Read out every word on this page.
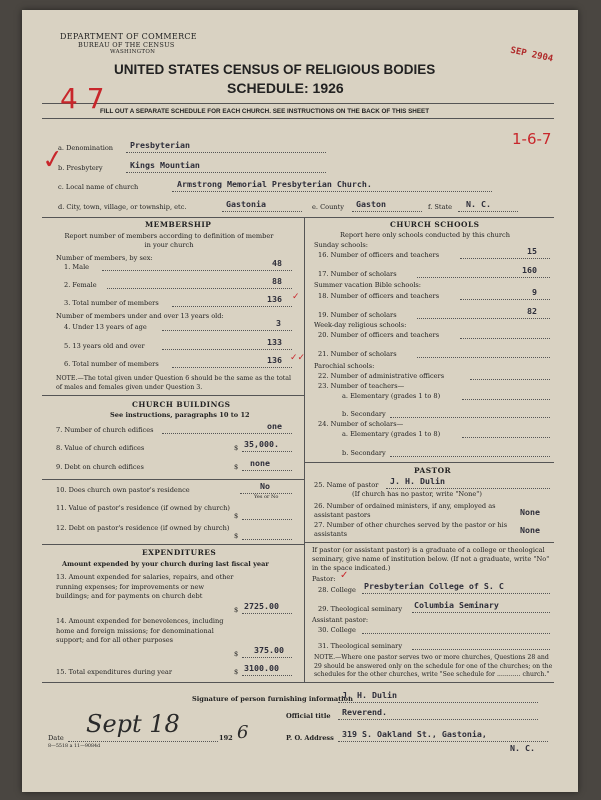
DEPARTMENT OF COMMERCE
BUREAU OF THE CENSUS
WASHINGTON
UNITED STATES CENSUS OF RELIGIOUS BODIES
SCHEDULE: 1926
FILL OUT A SEPARATE SCHEDULE FOR EACH CHURCH. SEE INSTRUCTIONS ON THE BACK OF THIS SHEET
SEP 2904
4 7
1-6-7
✓
a. Denomination Presbyterian
b. Presbytery	Kings Mountian
c. Local name of church	Armstrong Memorial Presbyterian Church.
d. City, town, village, or township, etc.	Gastonia	e. County Gaston	f. State N. C.
MEMBERSHIP
Report number of members according to definition of member in your church
Number of members, by sex:
1. Male	48
2. Female	88
3. Total number of members	136 ✓
Number of members under and over 13 years old:
4. Under 13 years of age	3
5. 13 years old and over	133
6. Total number of members	136 ✓✓
NOTE.—The total given under Question 6 should be the same as the total of males and females given under Question 3.
CHURCH BUILDINGS
See instructions, paragraphs 10 to 12
7. Number of church edifices	one
8. Value of church edifices	$ 35,000.
9. Debt on church edifices	$ none
10. Does church own pastor's residence	No
Yes or No
11. Value of pastor's residence (if owned by church)
$
12. Debt on pastor's residence (if owned by church)
$
EXPENDITURES
Amount expended by your church during last fiscal year
13. Amount expended for salaries, repairs, and other running expenses; for improvements or new buildings; and for payments on church debt
$ 2725.00
14. Amount expended for benevolences, including home and foreign missions; for denominational support; and for all other purposes
$ 375.00
15. Total expenditures during year	$ 3100.00
CHURCH SCHOOLS
Report here only schools conducted by this church
Sunday schools:
16. Number of officers and teachers	15
17. Number of scholars	160
Summer vacation Bible schools:
18. Number of officers and teachers	9
19. Number of scholars	82
Week-day religious schools:
20. Number of officers and teachers
21. Number of scholars
Parochial schools:
22. Number of administrative officers
23. Number of teachers—
a. Elementary (grades 1 to 8)
b. Secondary
24. Number of scholars—
a. Elementary (grades 1 to 8)
b. Secondary
PASTOR
25. Name of pastor J. H. Dulin
(If church has no pastor, write "None")
26. Number of ordained ministers, if any, employed as assistant pastors	None
27. Number of other churches served by the pastor or his assistants	None
If pastor (or assistant pastor) is a graduate of a college or theological seminary, give name of institution below. (If not a graduate, write "No" in the space indicated.)
Pastor: ✓
28. College Presbyterian College of S. C
29. Theological seminary Columbia Seminary
Assistant pastor:
30. College
31. Theological seminary
NOTE.—Where one pastor serves two or more churches, Questions 28 and 29 should be answered only on the schedule for one of the churches; on the schedules for the other churches, write "See schedule for ............ church."
Signature of person furnishing information
J. H. Dulin
Official title Reverend.
Date Sept 18	192 6	P. O. Address 319 S. Oakland St., Gastonia,
N. C.
8—5518 a 11—9084d
